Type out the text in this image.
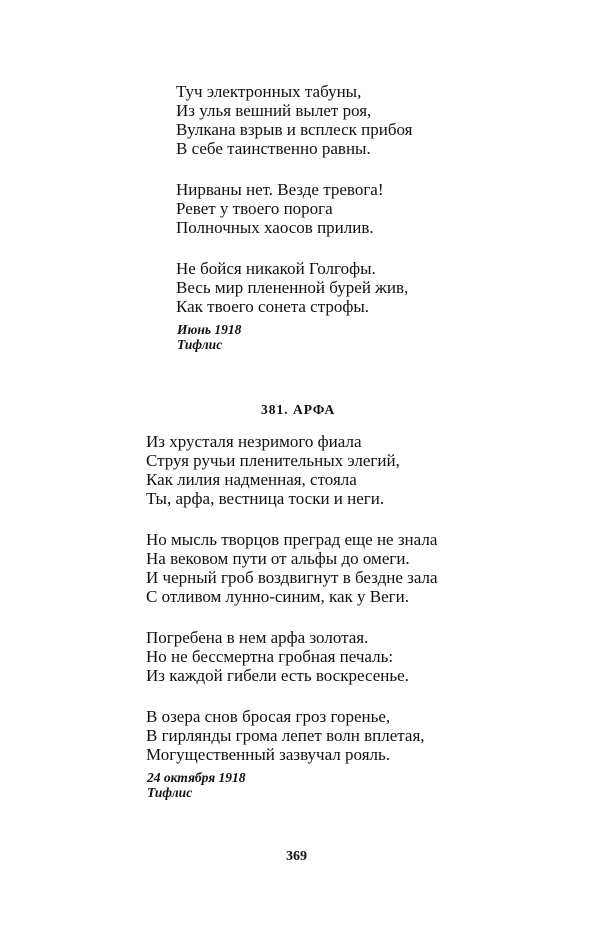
Туч электронных табуны,
Из улья вешний вылет роя,
Вулкана взрыв и всплеск прибоя
В себе таинственно равны.
Нирваны нет. Везде тревога!
Ревет у твоего порога
Полночных хаосов прилив.
Не бойся никакой Голгофы.
Весь мир плененной бурей жив,
Как твоего сонета строфы.
Июнь 1918
Тифлис
381. АРФА
Из хрусталя незримого фиала
Струя ручьи пленительных элегий,
Как лилия надменная, стояла
Ты, арфа, вестница тоски и неги.
Но мысль творцов преград еще не знала
На вековом пути от альфы до омеги.
И черный гроб воздвигнут в бездне зала
С отливом лунно-синим, как у Веги.
Погребена в нем арфа золотая.
Но не бессмертна гробная печаль:
Из каждой гибели есть воскресенье.
В озера снов бросая гроз горенье,
В гирлянды грома лепет волн вплетая,
Могущественный зазвучал рояль.
24 октября 1918
Тифлис
369
